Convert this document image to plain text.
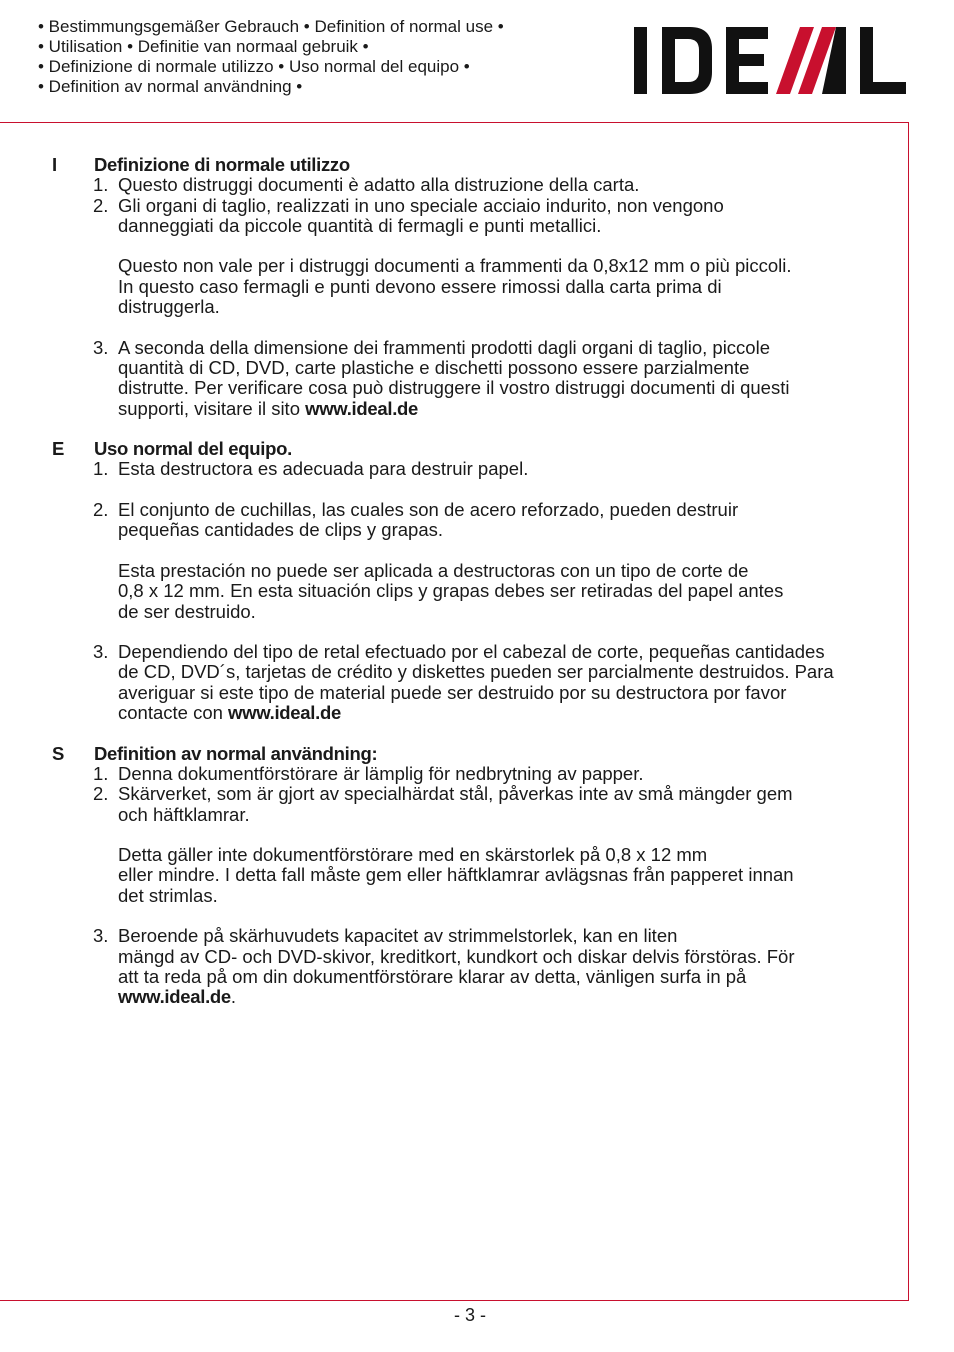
• Bestimmungsgemäßer Gebrauch • Definition of normal use •
• Utilisation • Definitie van normaal gebruik •
• Definizione di normale utilizzo • Uso normal del equipo •
• Definition av normal användning •
I Definizione di normale utilizzo
1. Questo distruggi documenti è adatto alla distruzione della carta.
2. Gli organi di taglio, realizzati in uno speciale acciaio indurito, non vengono
danneggiati da piccole quantità di fermagli e punti metallici.
Questo non vale per i distruggi documenti a frammenti da 0,8x12 mm o più piccoli.
In questo caso fermagli e punti devono essere rimossi dalla carta prima di
distruggerla.
3. A seconda della dimensione dei frammenti prodotti dagli organi di taglio, piccole
quantità di CD, DVD, carte plastiche e dischetti possono essere parzialmente
distrutte. Per verificare cosa può distruggere il vostro distruggi documenti di questi
supporti, visitare il sito www.ideal.de
E Uso normal del equipo.
1. Esta destructora es adecuada para destruir papel.
2. El conjunto de cuchillas, las cuales son de acero reforzado, pueden destruir
pequeñas cantidades de clips y grapas.
Esta prestación no puede ser aplicada a destructoras con un tipo de corte de
0,8 x 12 mm. En esta situación clips y grapas debes ser retiradas del papel antes
de ser destruido.
3. Dependiendo del tipo de retal efectuado por el cabezal de corte, pequeñas cantidades
de CD, DVD´s, tarjetas de crédito y diskettes pueden ser parcialmente destruidos. Para
averiguar si este tipo de material puede ser destruido por su destructora por favor
contacte con www.ideal.de
S Definition av normal användning:
1. Denna dokumentförstörare är lämplig för nedbrytning av papper.
2. Skärverket, som är gjort av specialhärdat stål, påverkas inte av små mängder gem
och häftklamrar.
Detta gäller inte dokumentförstörare med en skärstorlek på 0,8 x 12 mm
eller mindre. I detta fall måste gem eller häftklamrar avlägsnas från papperet innan
det strimlas.
3. Beroende på skärhuvudets kapacitet av strimmelstorlek, kan en liten
mängd av CD- och DVD-skivor, kreditkort, kundkort och diskar delvis förstöras. För
att ta reda på om din dokumentförstörare klarar av detta, vänligen surfa in på
www.ideal.de.
- 3 -
